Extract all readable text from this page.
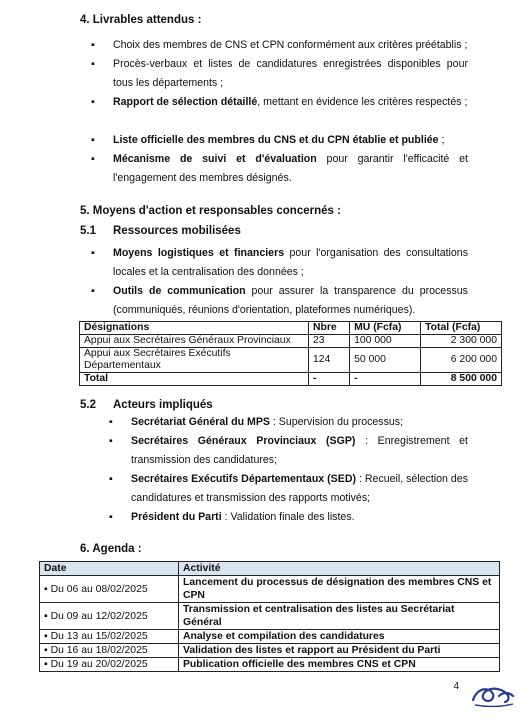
4. Livrables attendus :
▪ Choix des membres de CNS et CPN conformément aux critères préétablis ;
▪ Procès-verbaux et listes de candidatures enregistrées disponibles pour tous les départements ;
▪ Rapport de sélection détaillé, mettant en évidence les critères respectés ;
▪ Liste officielle des membres du CNS et du CPN établie et publiée ;
▪ Mécanisme de suivi et d'évaluation pour garantir l'efficacité et l'engagement des membres désignés.
5. Moyens d'action et responsables concernés :
5.1 Ressources mobilisées
▪ Moyens logistiques et financiers pour l'organisation des consultations locales et la centralisation des données ;
▪ Outils de communication pour assurer la transparence du processus (communiqués, réunions d'orientation, plateformes numériques).
Désignations	Nbre	MU (Fcfa)	Total (Fcfa)
Appui aux Secrétaires Généraux Provinciaux	23	100 000	2 300 000
Appui aux Secrétaires Exécutifs Départementaux	124	50 000	6 200 000
Total	-	-	8 500 000
5.2 Acteurs impliqués
▪ Secrétariat Général du MPS : Supervision du processus;
▪ Secrétaires Généraux Provinciaux (SGP) : Enregistrement et transmission des candidatures;
▪ Secrétaires Exécutifs Départementaux (SED) : Recueil, sélection des candidatures et transmission des rapports motivés;
▪ Président du Parti : Validation finale des listes.
6. Agenda :
Date	Activité
▪ Du 06 au 08/02/2025	Lancement du processus de désignation des membres CNS et CPN
▪ Du 09 au 12/02/2025	Transmission et centralisation des listes au Secrétariat Général
▪ Du 13 au 15/02/2025	Analyse et compilation des candidatures
▪ Du 16 au 18/02/2025	Validation des listes et rapport au Président du Parti
▪ Du 19 au 20/02/2025	Publication officielle des membres CNS et CPN
4
